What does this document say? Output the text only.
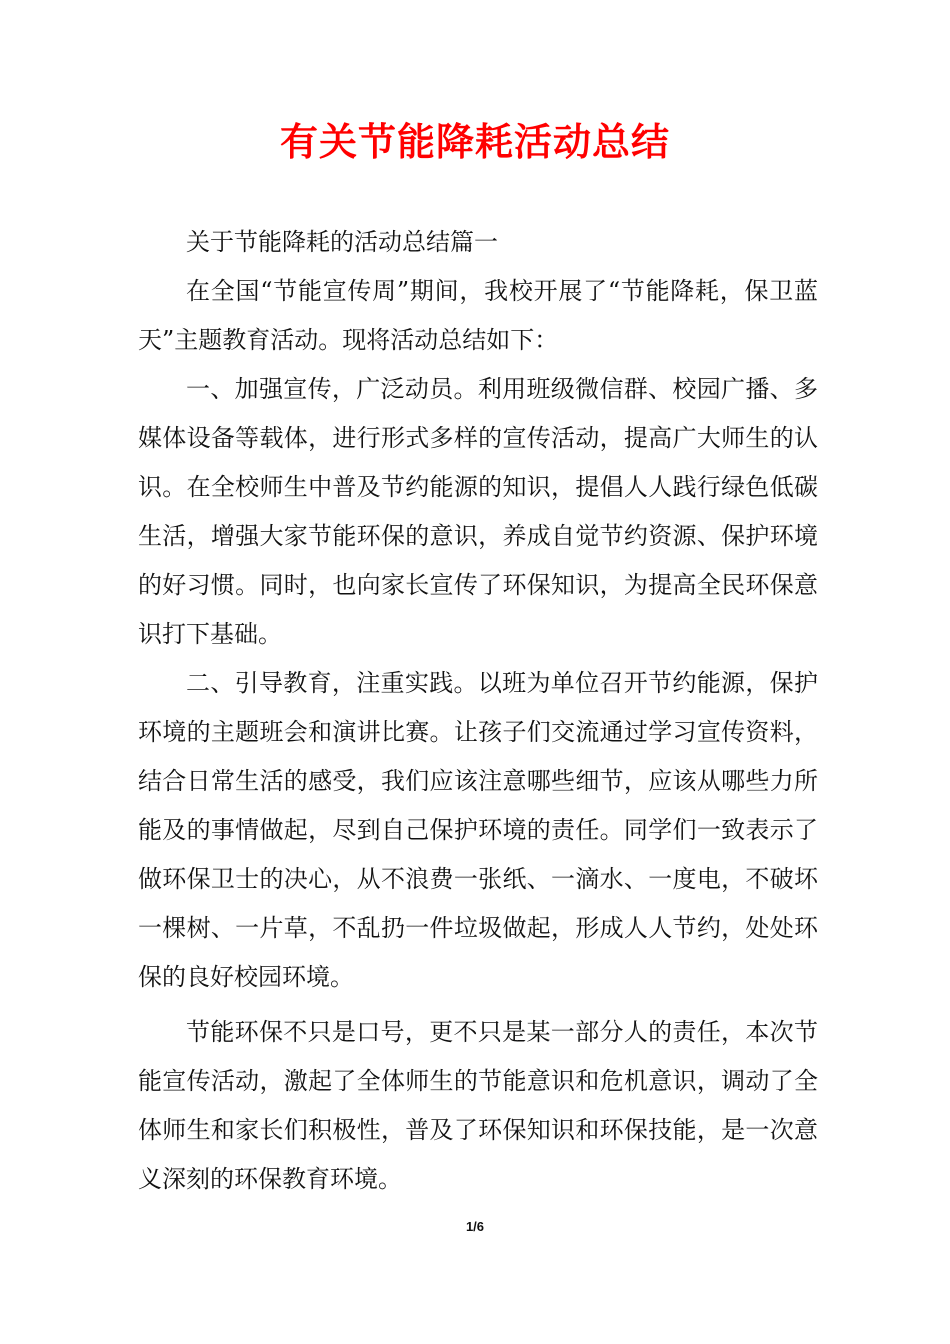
有关节能降耗活动总结

关于节能降耗的活动总结篇一

在全国“节能宣传周”期间，我校开展了“节能降耗，保卫蓝天”主题教育活动。现将活动总结如下：

一、加强宣传，广泛动员。利用班级微信群、校园广播、多媒体设备等载体，进行形式多样的宣传活动，提高广大师生的认识。在全校师生中普及节约能源的知识，提倡人人践行绿色低碳生活，增强大家节能环保的意识，养成自觉节约资源、保护环境的好习惯。同时，也向家长宣传了环保知识，为提高全民环保意识打下基础。

二、引导教育，注重实践。以班为单位召开节约能源，保护环境的主题班会和演讲比赛。让孩子们交流通过学习宣传资料，结合日常生活的感受，我们应该注意哪些细节，应该从哪些力所能及的事情做起，尽到自己保护环境的责任。同学们一致表示了做环保卫士的决心，从不浪费一张纸、一滴水、一度电，不破坏一棵树、一片草，不乱扔一件垃圾做起，形成人人节约，处处环保的良好校园环境。

节能环保不只是口号，更不只是某一部分人的责任，本次节能宣传活动，激起了全体师生的节能意识和危机意识，调动了全体师生和家长们积极性，普及了环保知识和环保技能，是一次意义深刻的环保教育环境。

1/6
